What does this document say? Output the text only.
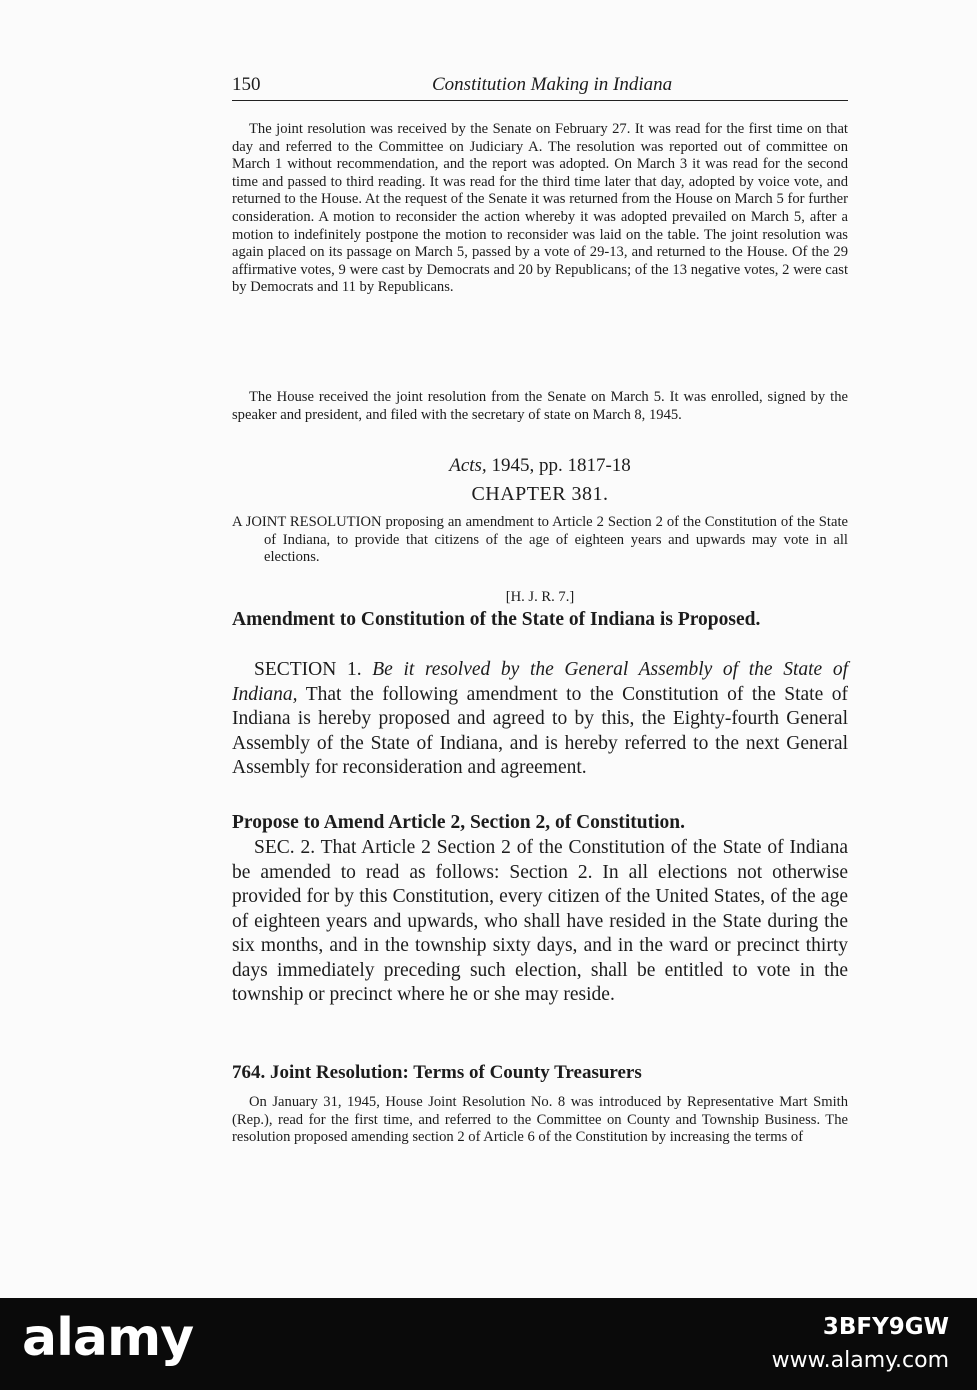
150	Constitution Making in Indiana

The joint resolution was received by the Senate on February 27. It was read for the first time on that day and referred to the Committee on Judiciary A. The resolution was reported out of committee on March 1 without recommendation, and the report was adopted. On March 3 it was read for the second time and passed to third reading. It was read for the third time later that day, adopted by voice vote, and returned to the House. At the request of the Senate it was returned from the House on March 5 for further consideration. A motion to reconsider the action whereby it was adopted prevailed on March 5, after a motion to indefinitely postpone the motion to reconsider was laid on the table. The joint resolution was again placed on its passage on March 5, passed by a vote of 29-13, and returned to the House. Of the 29 affirmative votes, 9 were cast by Democrats and 20 by Republicans; of the 13 negative votes, 2 were cast by Democrats and 11 by Republicans.

The House received the joint resolution from the Senate on March 5. It was enrolled, signed by the speaker and president, and filed with the secretary of state on March 8, 1945.

Acts, 1945, pp. 1817-18

CHAPTER 381.

A JOINT RESOLUTION proposing an amendment to Article 2 Section 2 of the Constitution of the State of Indiana, to provide that citizens of the age of eighteen years and upwards may vote in all elections.

[H. J. R. 7.]

Amendment to Constitution of the State of Indiana is Proposed.

SECTION 1. Be it resolved by the General Assembly of the State of Indiana, That the following amendment to the Constitution of the State of Indiana is hereby proposed and agreed to by this, the Eighty-fourth General Assembly of the State of Indiana, and is hereby referred to the next General Assembly for reconsideration and agreement.

Propose to Amend Article 2, Section 2, of Constitution.

SEC. 2. That Article 2 Section 2 of the Constitution of the State of Indiana be amended to read as follows: Section 2. In all elections not otherwise provided for by this Constitution, every citizen of the United States, of the age of eighteen years and upwards, who shall have resided in the State during the six months, and in the township sixty days, and in the ward or precinct thirty days immediately preceding such election, shall be entitled to vote in the township or precinct where he or she may reside.

764. Joint Resolution: Terms of County Treasurers

On January 31, 1945, House Joint Resolution No. 8 was introduced by Representative Mart Smith (Rep.), read for the first time, and referred to the Committee on County and Township Business. The resolution proposed amending section 2 of Article 6 of the Constitution by increasing the terms of

alamy	3BFY9GW
www.alamy.com
